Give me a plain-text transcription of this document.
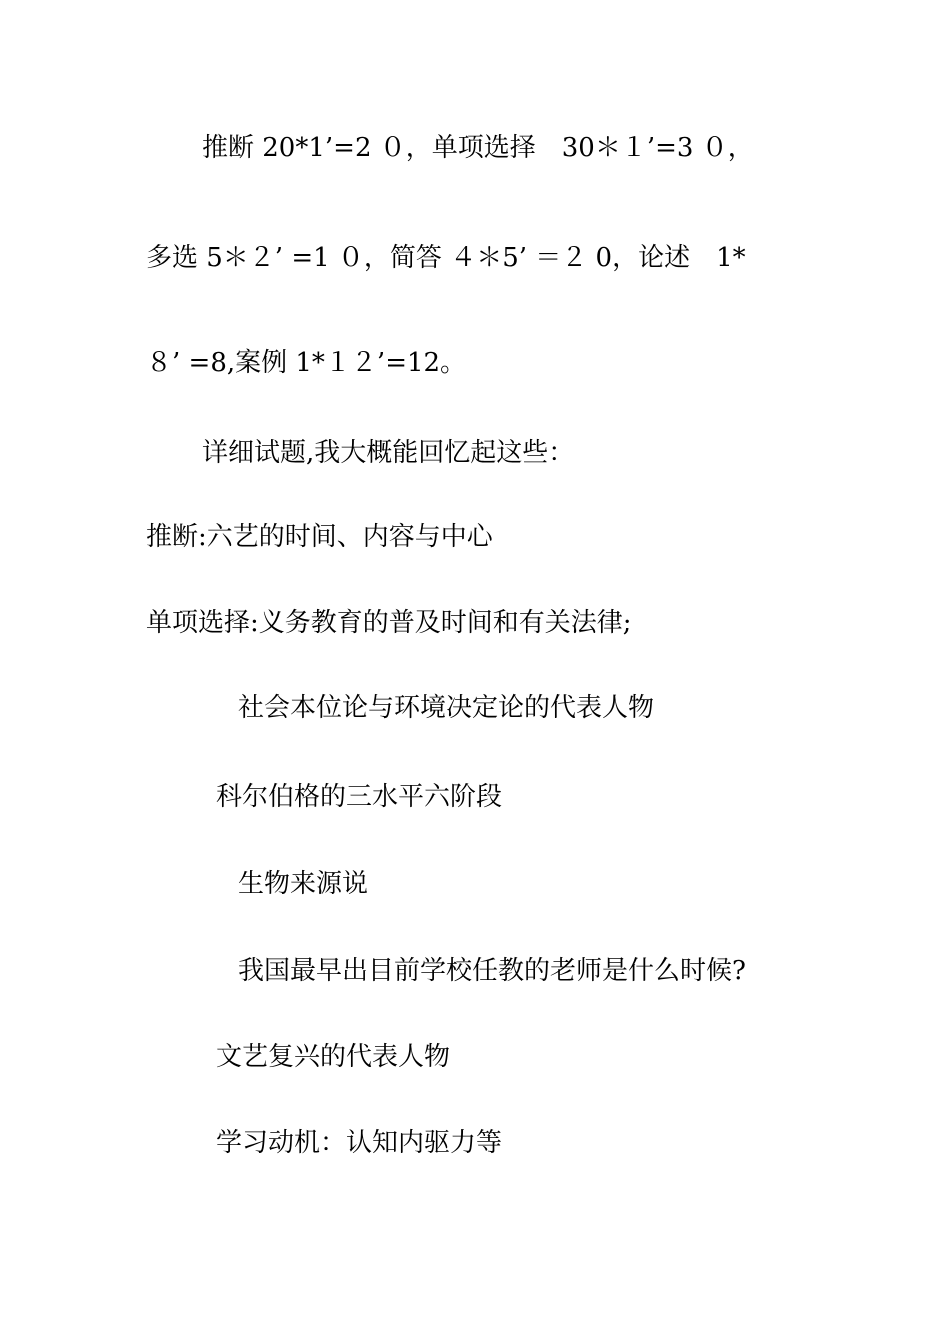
推断 20*1’=2 ０，单项选择　30＊１’=3 ０，
多选 5＊２’ =1 ０，简答 ４＊5’ ＝２ 0，论述　1*
８’ =8,案例 1*１２’=12。
详细试题,我大概能回忆起这些：
推断:六艺的时间、内容与中心
单项选择:义务教育的普及时间和有关法律;
社会本位论与环境决定论的代表人物
科尔伯格的三水平六阶段
生物来源说
我国最早出目前学校任教的老师是什么时候?
文艺复兴的代表人物
学习动机：认知内驱力等
